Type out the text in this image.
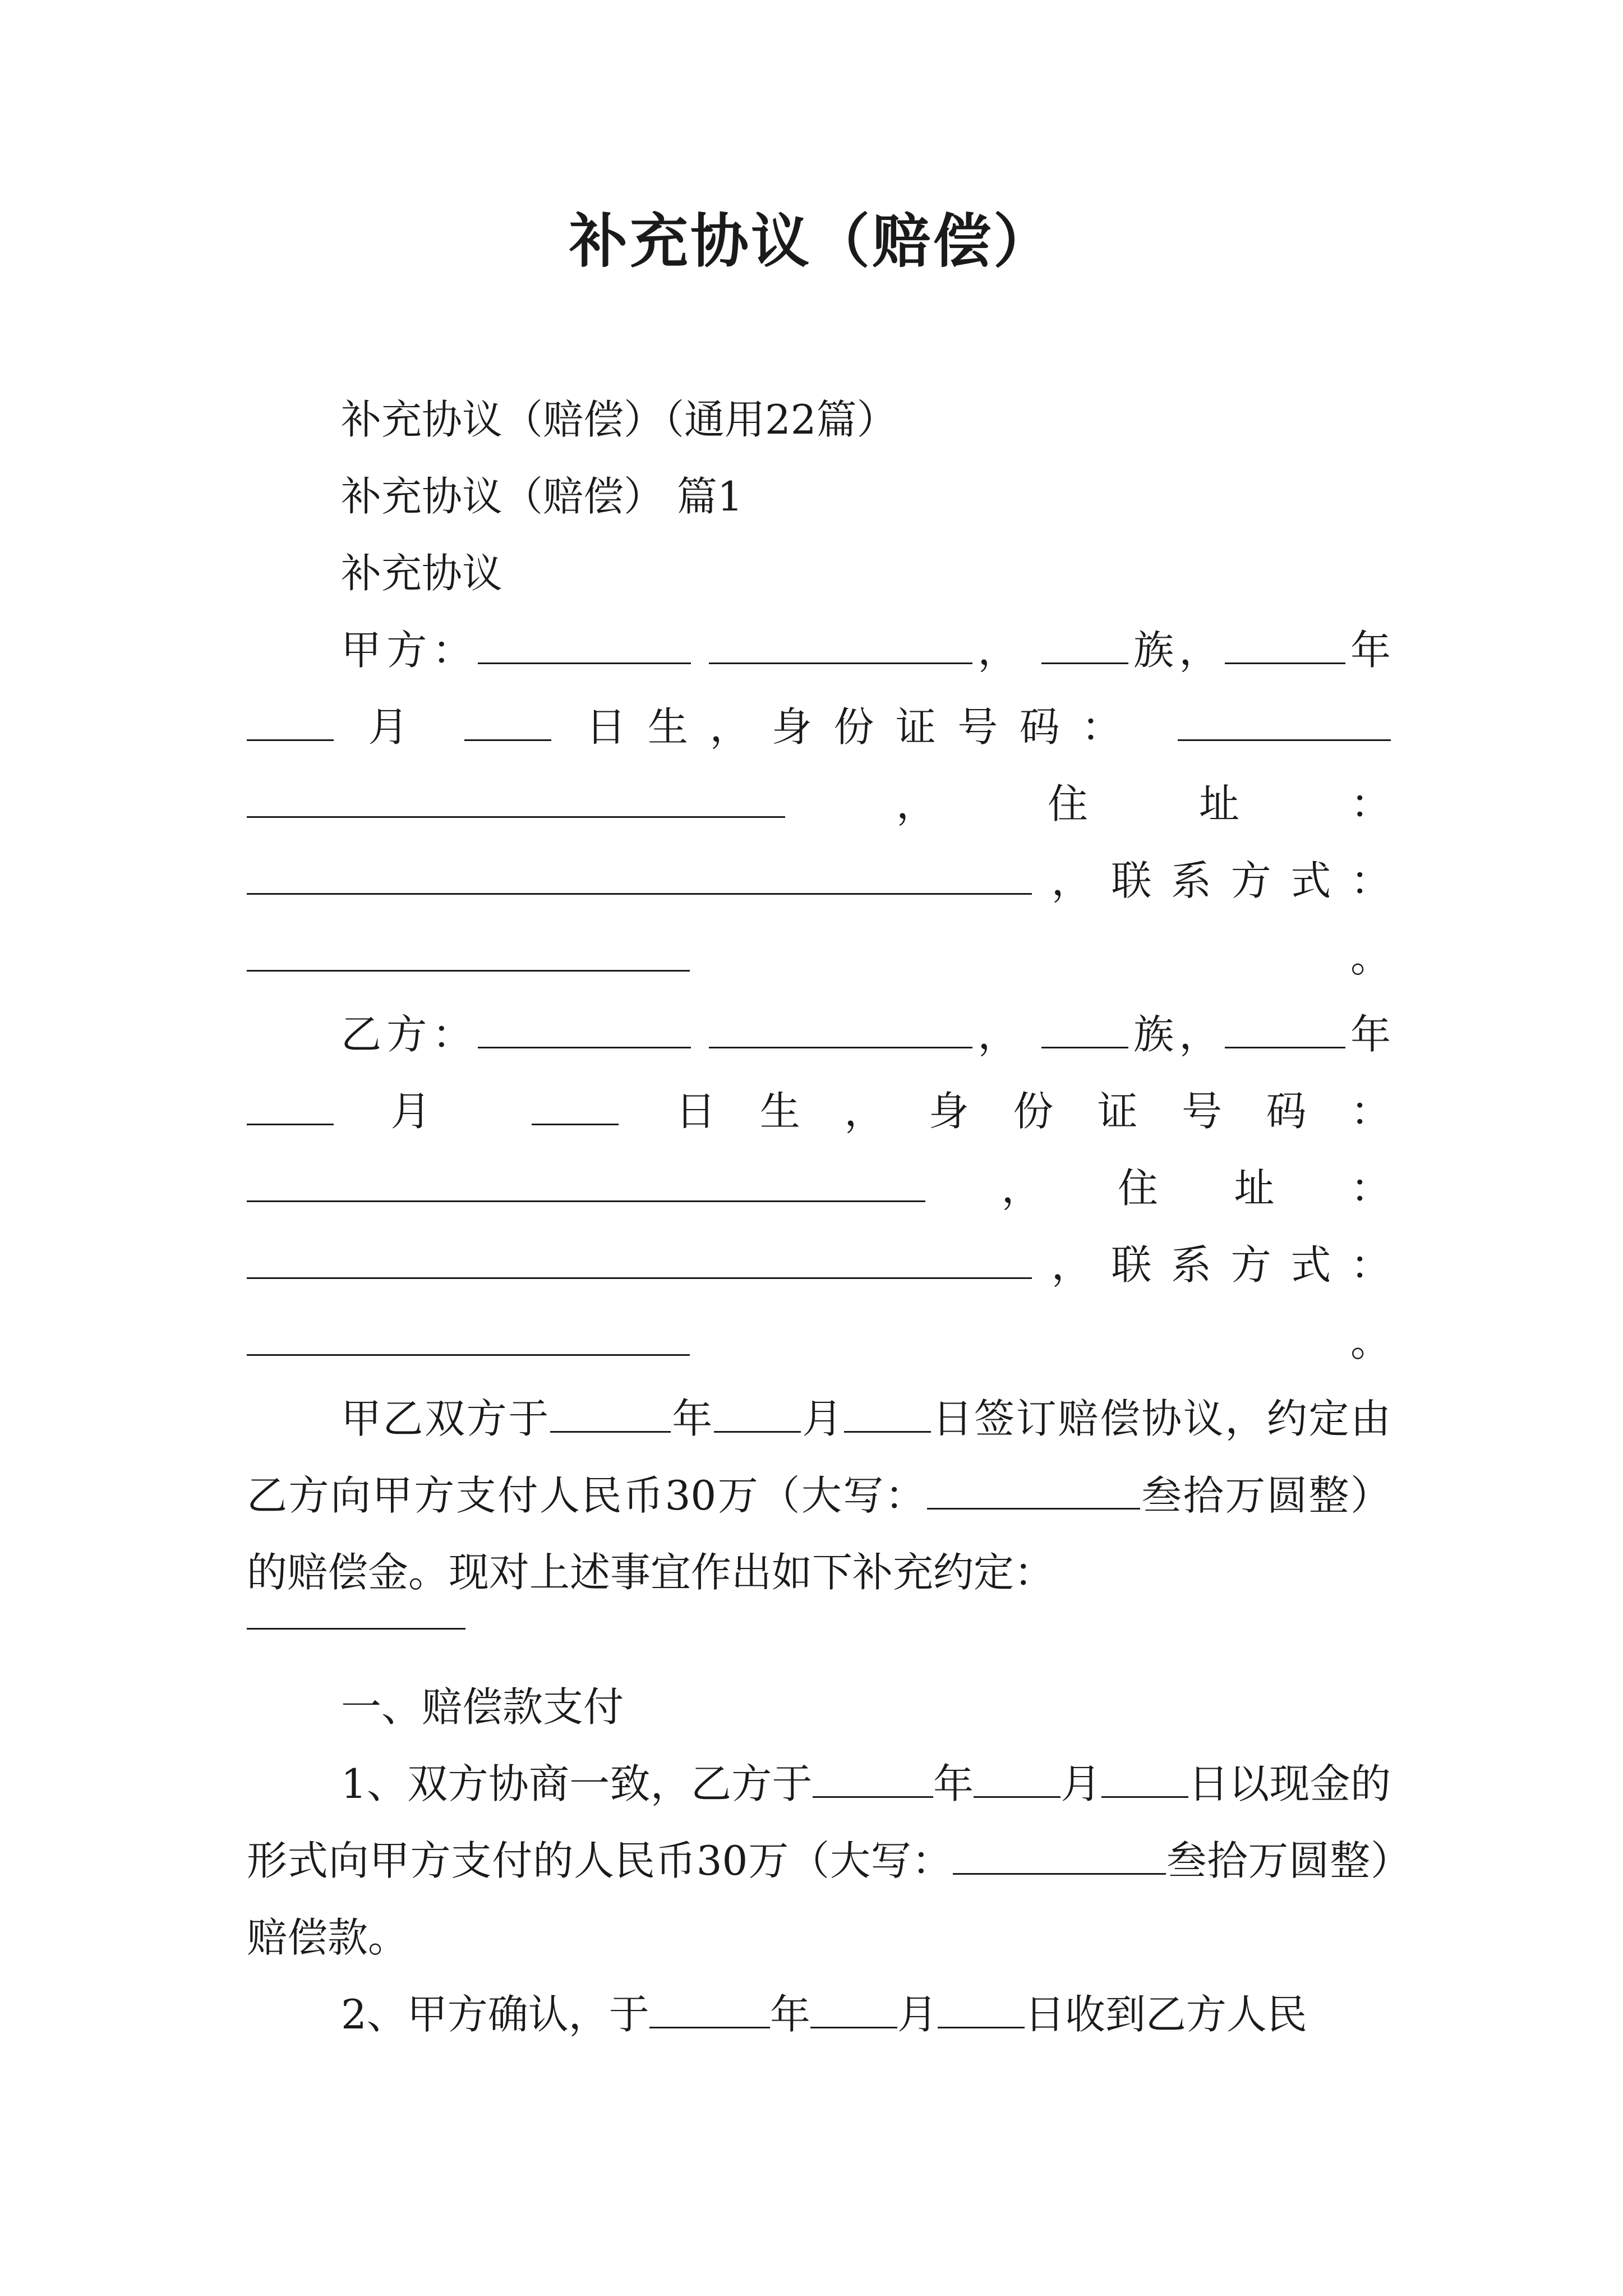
补充协议（赔偿）

补充协议（赔偿）（通用22篇）

补充协议（赔偿） 篇1

补充协议

甲方：	，	族，	年  月	日生，身份证号码：  ，住址： ，联系方式： 。

乙方：	，	族，	年  月	日生，身份证号码： ，住址： ，联系方式： 。

甲乙双方于	年 月 日签订赔偿协议，约定由乙方向甲方支付人民币30万（大写：	叁拾万圆整）的赔偿金。现对上述事宜作出如下补充约定：

一、赔偿款支付

1、双方协商一致，乙方于	年 月 日以现金的形式向甲方支付的人民币30万（大写：	叁拾万圆整）赔偿款。

2、甲方确认，于	年 月 日收到乙方人民
